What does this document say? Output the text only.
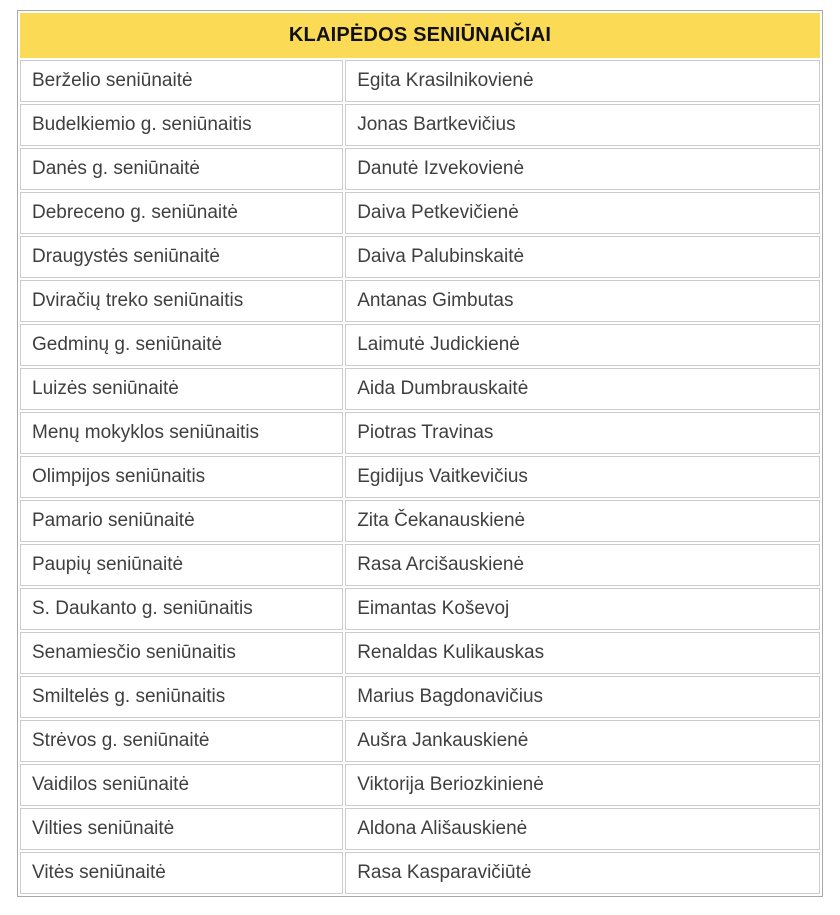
KLAIPĖDOS SENIŪNAIČIAI	
Berželio seniūnaitė	Egita Krasilnikovienė
Budelkiemio g. seniūnaitis	Jonas Bartkevičius
Danės g. seniūnaitė	Danutė Izvekovienė
Debreceno g. seniūnaitė	Daiva Petkevičienė
Draugystės seniūnaitė	Daiva Palubinskaitė
Dviračių treko seniūnaitis	Antanas Gimbutas
Gedminų g. seniūnaitė	Laimutė Judickienė
Luizės seniūnaitė	Aida Dumbrauskaitė
Menų mokyklos seniūnaitis	Piotras Travinas
Olimpijos seniūnaitis	Egidijus Vaitkevičius
Pamario seniūnaitė	Zita Čekanauskienė
Paupių seniūnaitė	Rasa Arcišauskienė
S. Daukanto g. seniūnaitis	Eimantas Koševoj
Senamiesčio seniūnaitis	Renaldas Kulikauskas
Smiltelės g. seniūnaitis	Marius Bagdonavičius
Strėvos g. seniūnaitė	Aušra Jankauskienė
Vaidilos seniūnaitė	Viktorija Beriozkinienė
Vilties seniūnaitė	Aldona Ališauskienė
Vitės seniūnaitė	Rasa Kasparavičiūtė
